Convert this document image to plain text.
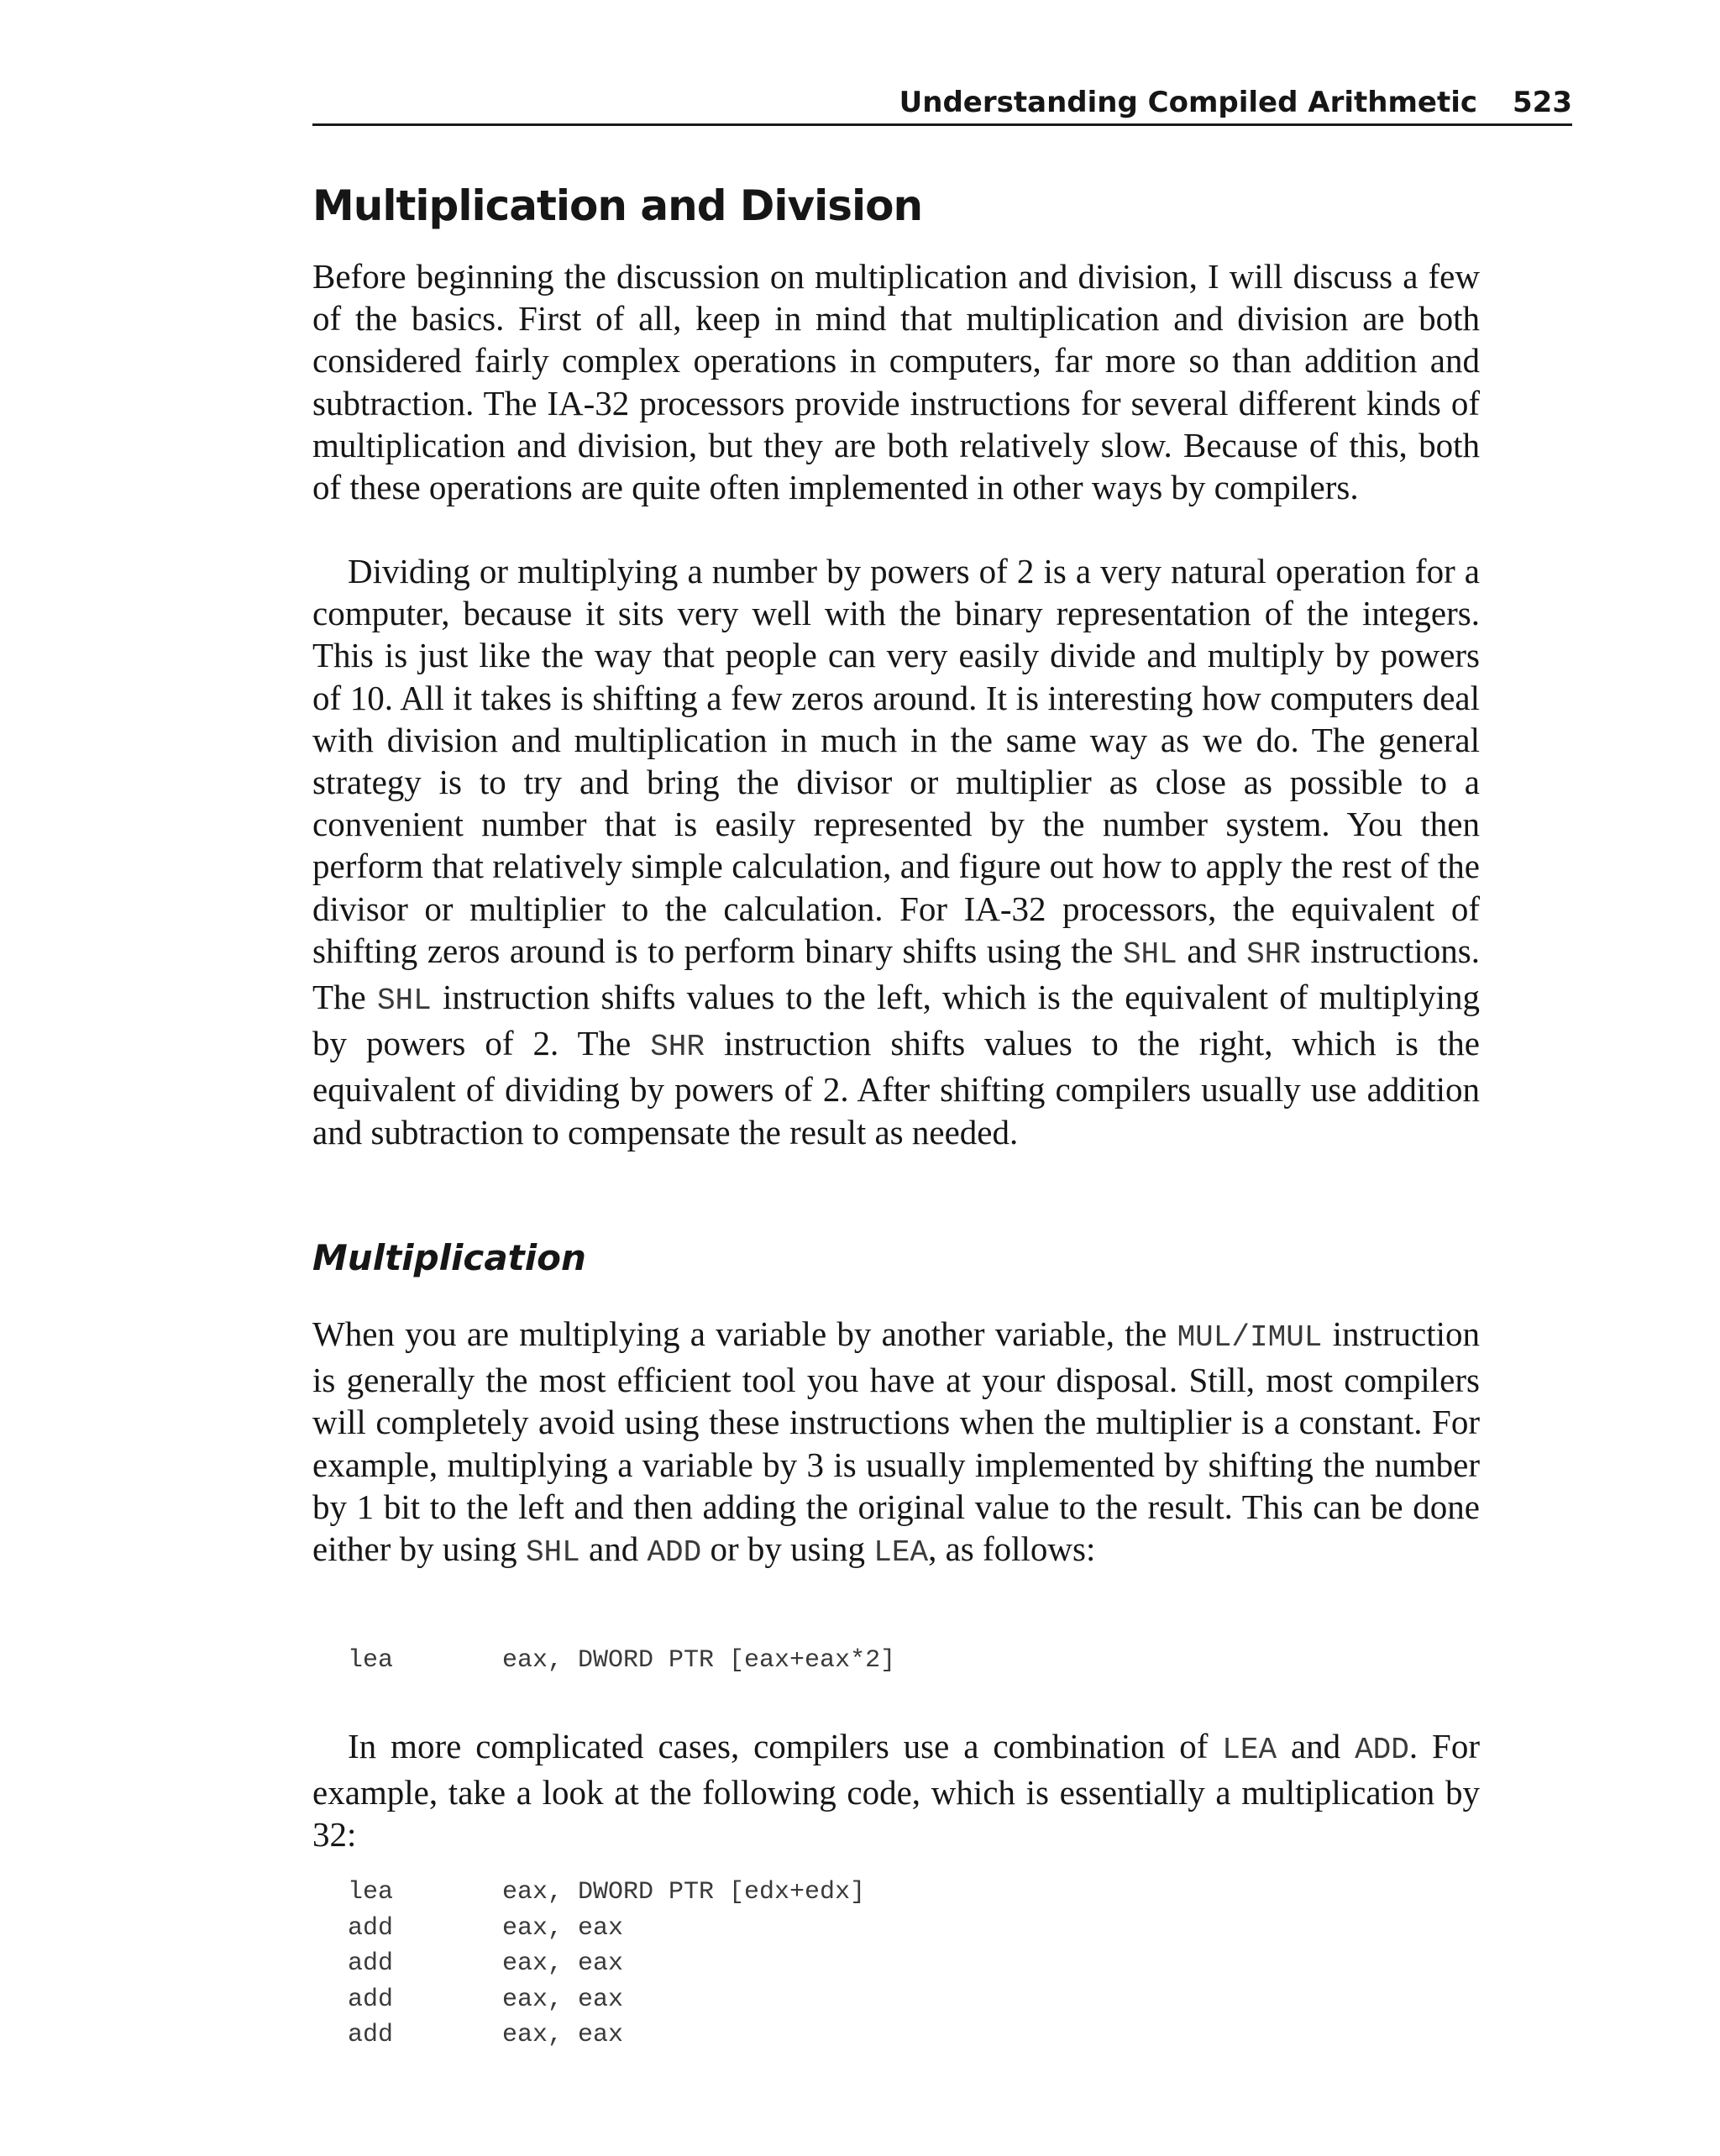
Understanding Compiled Arithmetic 523
Multiplication and Division

Before beginning the discussion on multiplication and division, I will discuss a few of the basics. First of all, keep in mind that multiplication and division are both considered fairly complex operations in computers, far more so than addition and subtraction. The IA-32 processors provide instructions for several different kinds of multiplication and division, but they are both relatively slow. Because of this, both of these operations are quite often implemented in other ways by compilers.

Dividing or multiplying a number by powers of 2 is a very natural operation for a computer, because it sits very well with the binary representation of the integers. This is just like the way that people can very easily divide and multiply by powers of 10. All it takes is shifting a few zeros around. It is interesting how computers deal with division and multiplication in much in the same way as we do. The general strategy is to try and bring the divisor or multiplier as close as possible to a convenient number that is easily represented by the number system. You then perform that relatively simple calculation, and figure out how to apply the rest of the divisor or multiplier to the calculation. For IA-32 processors, the equivalent of shifting zeros around is to perform binary shifts using the SHL and SHR instructions. The SHL instruction shifts values to the left, which is the equivalent of multiplying by powers of 2. The SHR instruction shifts values to the right, which is the equivalent of dividing by powers of 2. After shifting compilers usually use addition and subtraction to compensate the result as needed.

Multiplication

When you are multiplying a variable by another variable, the MUL/IMUL instruction is generally the most efficient tool you have at your disposal. Still, most compilers will completely avoid using these instructions when the multiplier is a constant. For example, multiplying a variable by 3 is usually implemented by shifting the number by 1 bit to the left and then adding the original value to the result. This can be done either by using SHL and ADD or by using LEA, as follows:

lea	eax, DWORD PTR [eax+eax*2]

In more complicated cases, compilers use a combination of LEA and ADD. For example, take a look at the following code, which is essentially a multiplication by 32:

lea	eax, DWORD PTR [edx+edx]
add	eax, eax
add	eax, eax
add	eax, eax
add	eax, eax
